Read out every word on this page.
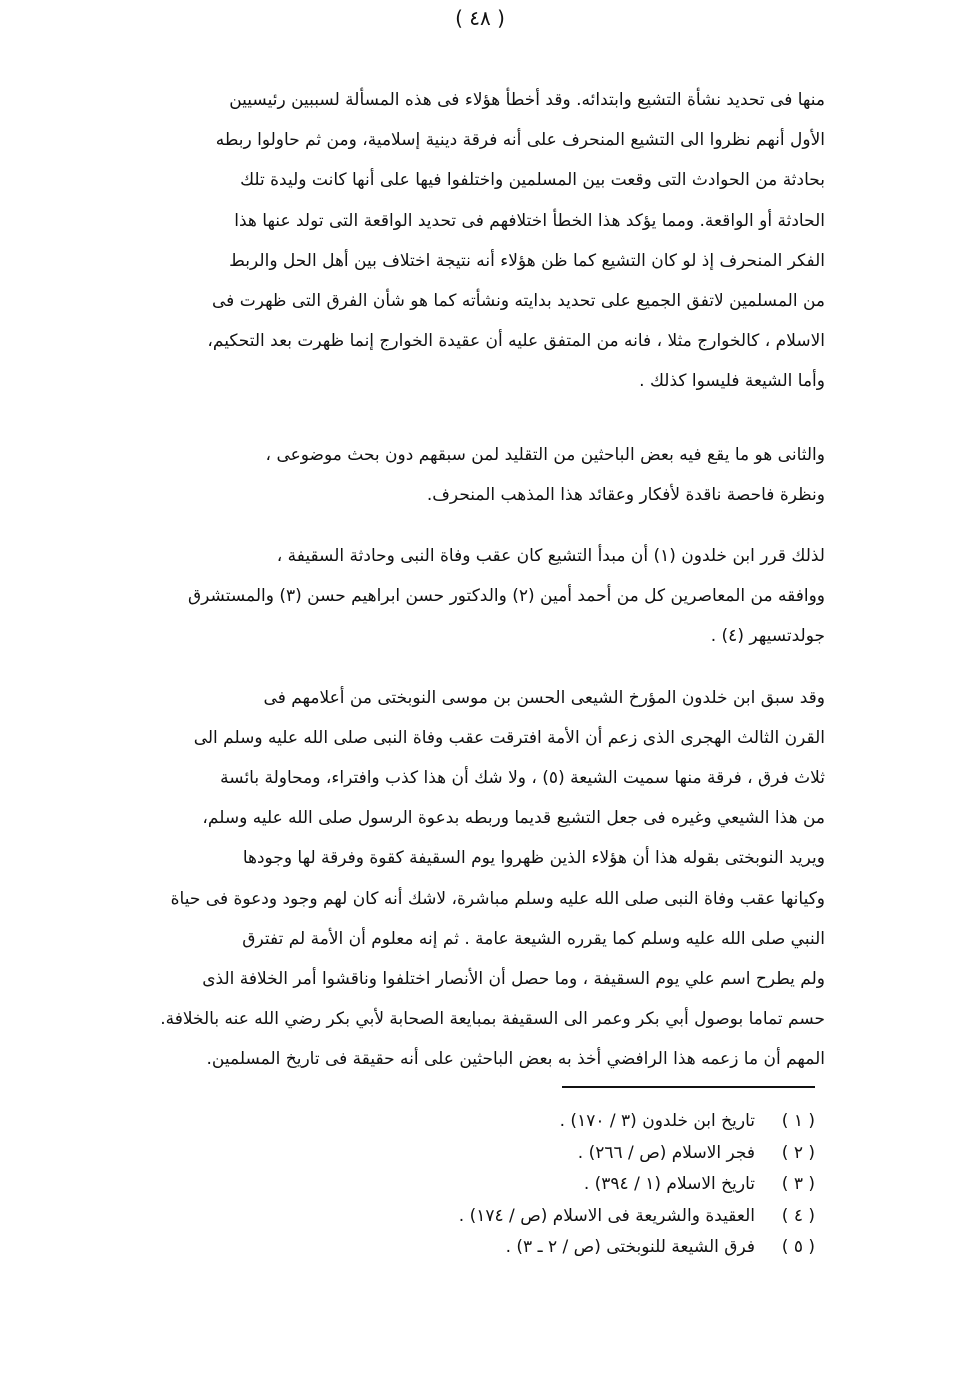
( ٤٨ )
منها فى تحديد نشأة التشيع وابتدائه. وقد أخطأ هؤلاء فى هذه المسألة لسببين رئيسيين
الأول أنهم نظروا الى التشيع المنحرف على أنه فرقة دينية إسلامية، ومن ثم حاولوا ربطه
بحادثة من الحوادث التى وقعت بين المسلمين واختلفوا فيها على أنها كانت وليدة تلك
الحادثة أو الواقعة. ومما يؤكد هذا الخطأ اختلافهم فى تحديد الواقعة التى تولد عنها هذا
الفكر المنحرف إذ لو كان التشيع كما ظن هؤلاء أنه نتيجة اختلاف بين أهل الحل والربط
من المسلمين لاتفق الجميع على تحديد بدايته ونشأته كما هو شأن الفرق التى ظهرت فى
الاسلام ، كالخوارج مثلا ، فانه من المتفق عليه أن عقيدة الخوارج إنما ظهرت بعد التحكيم،
وأما الشيعة فليسوا كذلك .
والثانى هو ما يقع فيه بعض الباحثين من التقليد لمن سبقهم دون بحث موضوعى ،
ونظرة فاحصة ناقدة لأفكار وعقائد هذا المذهب المنحرف.
لذلك قرر ابن خلدون (١) أن مبدأ التشيع كان عقب وفاة النبى وحادثة السقيفة ،
ووافقه من المعاصرين كل من أحمد أمين (٢) والدكتور حسن ابراهيم حسن (٣) والمستشرق
جولدتسيهر (٤) .
وقد سبق ابن خلدون المؤرخ الشيعى الحسن بن موسى النوبختى من أعلامهم فى
القرن الثالث الهجرى الذى زعم أن الأمة افترقت عقب وفاة النبى صلى الله عليه وسلم الى
ثلاث فرق ، فرقة منها سميت الشيعة (٥) ، ولا شك أن هذا كذب وافتراء، ومحاولة بائسة
من هذا الشيعي وغيره فى جعل التشيع قديما وربطه بدعوة الرسول صلى الله عليه وسلم،
ويريد النوبختى بقوله هذا أن هؤلاء الذين ظهروا يوم السقيفة كقوة وفرقة لها وجودها
وكيانها عقب وفاة النبى صلى الله عليه وسلم مباشرة، لاشك أنه كان لهم وجود ودعوة فى حياة
النبي صلى الله عليه وسلم كما يقرره الشيعة عامة . ثم إنه معلوم أن الأمة لم تفترق
ولم يطرح اسم علي يوم السقيفة ، وما حصل أن الأنصار اختلفوا وناقشوا أمر الخلافة الذى
حسم تماما بوصول أبي بكر وعمر الى السقيفة بمبايعة الصحابة لأبي بكر رضي الله عنه بالخلافة.
المهم أن ما زعمه هذا الرافضي أخذ به بعض الباحثين على أنه حقيقة فى تاريخ المسلمين.
( ١ )
تاريخ ابن خلدون (٣ / ١٧٠) .
( ٢ )
فجر الاسلام (ص / ٢٦٦) .
( ٣ )
تاريخ الاسلام (١ / ٣٩٤) .
( ٤ )
العقيدة والشريعة فى الاسلام (ص / ١٧٤) .
( ٥ )
فرق الشيعة للنوبختى (ص / ٢ ـ ٣) .
